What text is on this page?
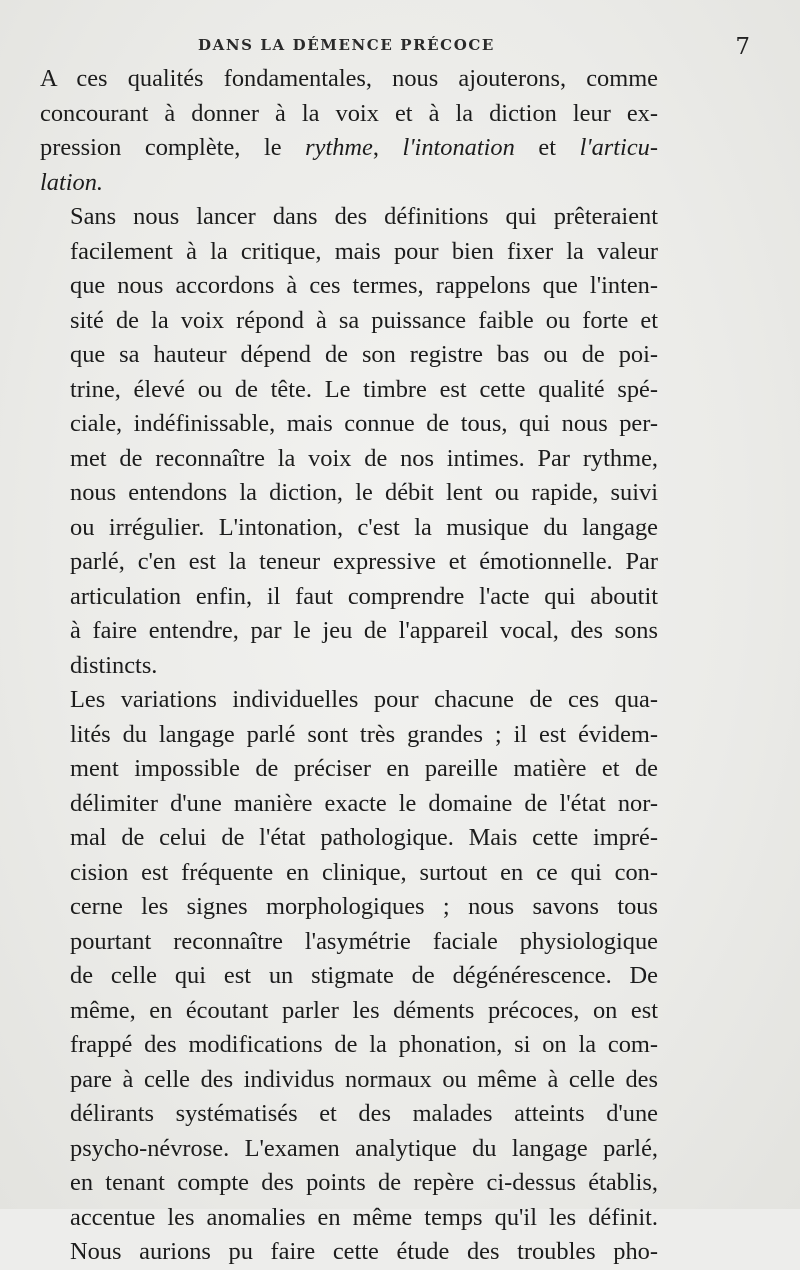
DANS LA DÉMENCE PRÉCOCE	7

A ces qualités fondamentales, nous ajouterons, comme
concourant à donner à la voix et à la diction leur ex-
pression complète, le rythme, l'intonation et l'articu-
lation.

Sans nous lancer dans des définitions qui prêteraient
facilement à la critique, mais pour bien fixer la valeur
que nous accordons à ces termes, rappelons que l'inten-
sité de la voix répond à sa puissance faible ou forte et
que sa hauteur dépend de son registre bas ou de poi-
trine, élevé ou de tête. Le timbre est cette qualité spé-
ciale, indéfinissable, mais connue de tous, qui nous per-
met de reconnaître la voix de nos intimes. Par rythme,
nous entendons la diction, le débit lent ou rapide, suivi
ou irrégulier. L'intonation, c'est la musique du langage
parlé, c'en est la teneur expressive et émotionnelle. Par
articulation enfin, il faut comprendre l'acte qui aboutit
à faire entendre, par le jeu de l'appareil vocal, des sons
distincts.

Les variations individuelles pour chacune de ces qua-
lités du langage parlé sont très grandes ; il est évidem-
ment impossible de préciser en pareille matière et de
délimiter d'une manière exacte le domaine de l'état nor-
mal de celui de l'état pathologique. Mais cette impré-
cision est fréquente en clinique, surtout en ce qui con-
cerne les signes morphologiques ; nous savons tous
pourtant reconnaître l'asymétrie faciale physiologique
de celle qui est un stigmate de dégénérescence. De
même, en écoutant parler les déments précoces, on est
frappé des modifications de la phonation, si on la com-
pare à celle des individus normaux ou même à celle des
délirants systématisés et des malades atteints d'une
psycho-névrose. L'examen analytique du langage parlé,
en tenant compte des points de repère ci-dessus établis,
accentue les anomalies en même temps qu'il les définit.

Nous aurions pu faire cette étude des troubles pho-
